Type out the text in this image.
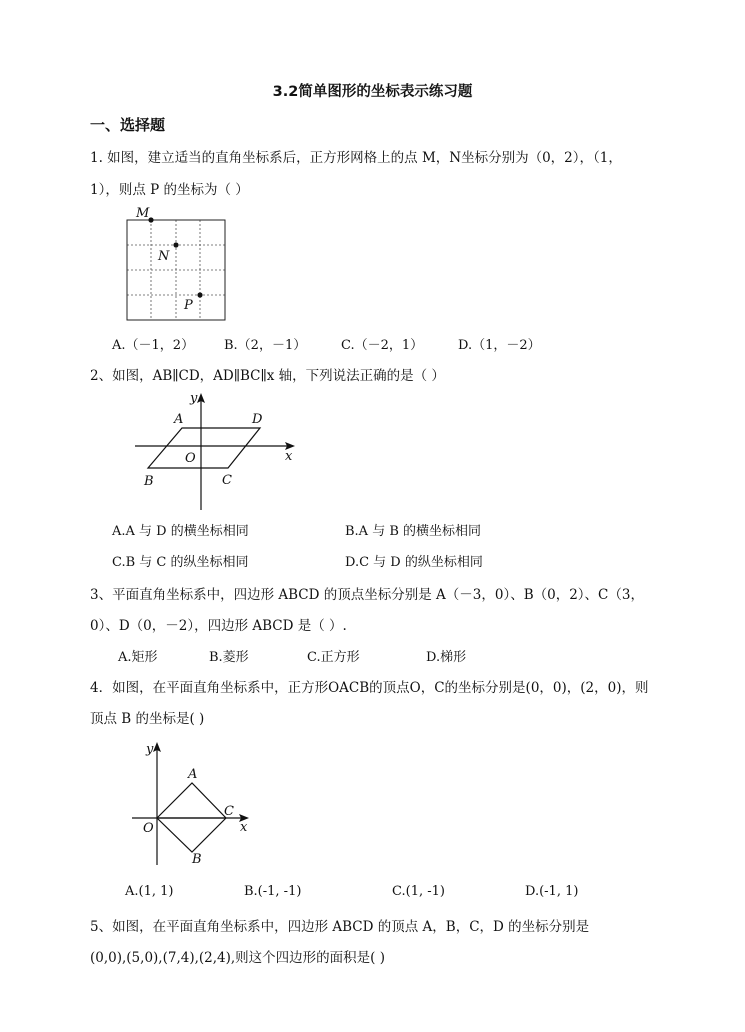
3.2简单图形的坐标表示练习题
一、选择题
1. 如图，建立适当的直角坐标系后，正方形网格上的点 M，N坐标分别为（0，2），（1，
1），则点 P 的坐标为（ ）
M
N
P
A.（－1，2） B.（2，－1）	C.（－2，1）	D.（1，－2）
2、如图，AB∥CD，AD∥BC∥x 轴，下列说法正确的是（ ）
y
A	D
O	x
B	C
A.A 与 D 的横坐标相同	B.A 与 B 的横坐标相同
C.B 与 C 的纵坐标相同	D.C 与 D 的纵坐标相同
3、平面直角坐标系中，四边形 ABCD 的顶点坐标分别是 A（－3，0）、B（0，2）、C（3，
0）、D（0，－2），四边形 ABCD 是（ ）.
A.矩形	B.菱形	C.正方形	D.梯形
4．如图，在平面直角坐标系中，正方形OACB的顶点O，C的坐标分别是(0，0)，(2，0)，则
顶点 B 的坐标是( )
y
A
C
x
O
B
A.(1, 1)	B.(-1, -1)	C.(1, -1)	D.(-1, 1)
5、如图，在平面直角坐标系中，四边形 ABCD 的顶点 A，B，C，D 的坐标分别是
(0,0),(5,0),(7,4),(2,4),则这个四边形的面积是( )
